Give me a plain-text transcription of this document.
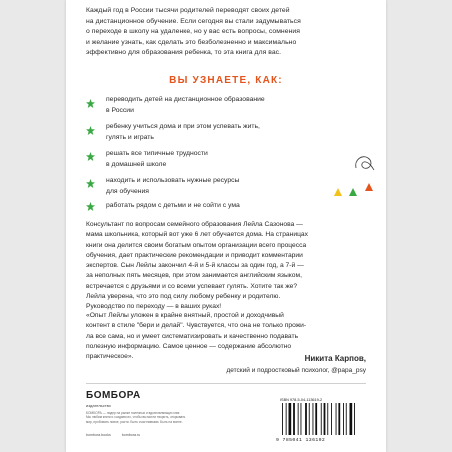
Каждый год в России тысячи родителей переводят своих детей
на дистанционное обучение. Если сегодня вы стали задумываться
о переходе в школу на удаленке, но у вас есть вопросы, сомнения
и желание узнать, как сделать это безболезненно и максимально
эффективно для образования ребенка, то эта книга для вас.
ВЫ УЗНАЕТЕ, КАК:
переводить детей на дистанционное образование
в России
ребенку учиться дома и при этом успевать жить,
гулять и играть
решать все типичные трудности
в домашней школе
находить и использовать нужные ресурсы
для обучения
работать рядом с детьми и не сойти с ума
Консультант по вопросам семейного образования Лейла Сазонова —
мама школьника, который вот уже 6 лет обучается дома. На страницах
книги она делится своим богатым опытом организации всего процесса
обучения, дает практические рекомендации и приводит комментарии
экспертов. Сын Лейлы закончил 4-й и 5-й классы за один год, а 7-й —
за неполных пять месяцев, при этом занимается английским языком,
встречается с друзьями и со всеми успевает гулять. Хотите так же?
Лейла уверена, что это под силу любому ребенку и родителю.
Руководство по переходу — в ваших руках!
«Опыт Лейлы уложен в крайне внятный, простой и доходчивый
контент в стиле "бери и делай". Чувствуется, что она не только прожи-
ла все сама, но и умеет систематизировать и качественно подавать
полезную информацию. Самое ценное — содержание абсолютно
практическое».	Никита Карпов,
детский и подростковый психолог, @papa_psy
БОМБОРА
издательство
БОМБОРА — лидер на рынке полезных и вдохновляющих книг.
Мы любим книги и создаем их, чтобы вы могли творить, открывать
мир, пробовать новое, расти. Быть счастливыми. Быть на волне.
bombora.books	bombora.ru
ISBN 978-5-04-113619-2
9 785041 136192
